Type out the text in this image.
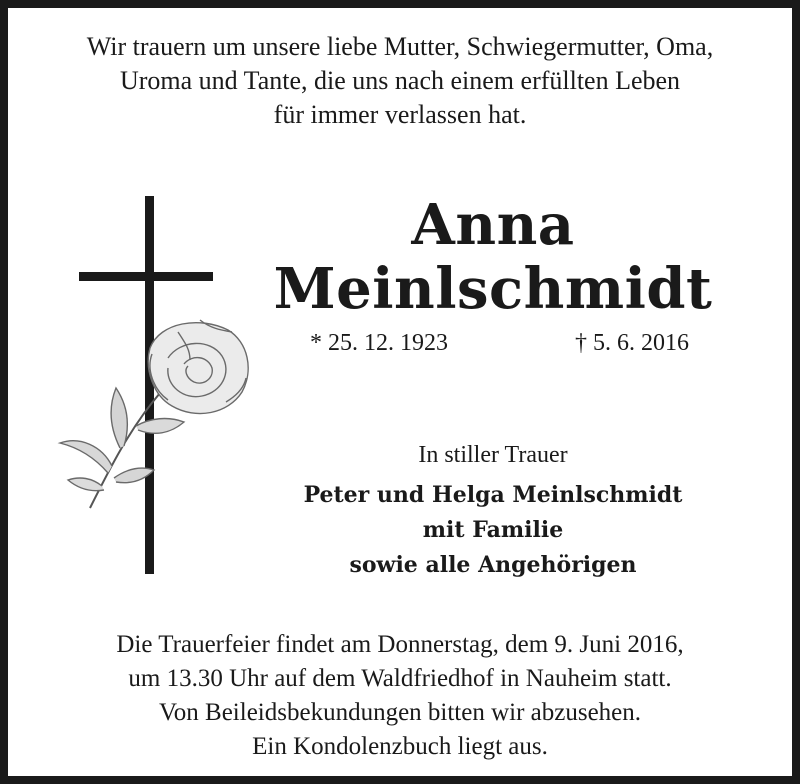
Wir trauern um unsere liebe Mutter, Schwiegermutter, Oma,
Uroma und Tante, die uns nach einem erfüllten Leben
für immer verlassen hat.
Anna
Meinlschmidt
* 25. 12. 1923	† 5. 6. 2016
In stiller Trauer
Peter und Helga Meinlschmidt
mit Familie
sowie alle Angehörigen
Die Trauerfeier findet am Donnerstag, dem 9. Juni 2016,
um 13.30 Uhr auf dem Waldfriedhof in Nauheim statt.
Von Beileidsbekundungen bitten wir abzusehen.
Ein Kondolenzbuch liegt aus.
